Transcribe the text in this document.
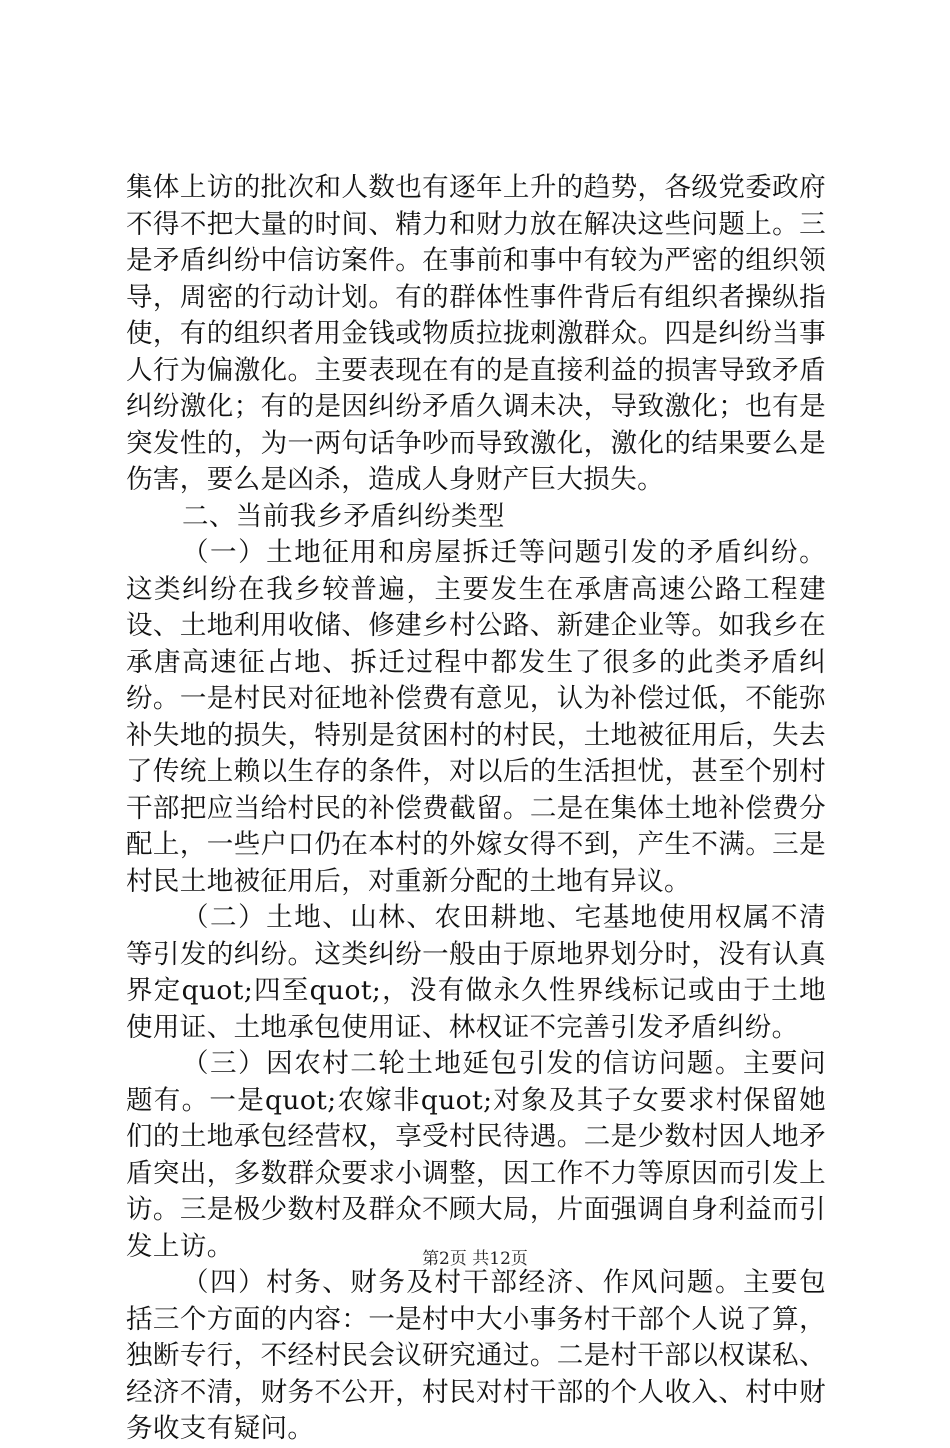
集体上访的批次和人数也有逐年上升的趋势，各级党委政府不得不把大量的时间、精力和财力放在解决这些问题上。三是矛盾纠纷中信访案件。在事前和事中有较为严密的组织领导，周密的行动计划。有的群体性事件背后有组织者操纵指使，有的组织者用金钱或物质拉拢刺激群众。四是纠纷当事人行为偏激化。主要表现在有的是直接利益的损害导致矛盾纠纷激化；有的是因纠纷矛盾久调未决，导致激化；也有是突发性的，为一两句话争吵而导致激化，激化的结果要么是伤害，要么是凶杀，造成人身财产巨大损失。

二、当前我乡矛盾纠纷类型

（一）土地征用和房屋拆迁等问题引发的矛盾纠纷。这类纠纷在我乡较普遍，主要发生在承唐高速公路工程建设、土地利用收储、修建乡村公路、新建企业等。如我乡在承唐高速征占地、拆迁过程中都发生了很多的此类矛盾纠纷。一是村民对征地补偿费有意见，认为补偿过低，不能弥补失地的损失，特别是贫困村的村民，土地被征用后，失去了传统上赖以生存的条件，对以后的生活担忧，甚至个别村干部把应当给村民的补偿费截留。二是在集体土地补偿费分配上，一些户口仍在本村的外嫁女得不到，产生不满。三是村民土地被征用后，对重新分配的土地有异议。

（二）土地、山林、农田耕地、宅基地使用权属不清等引发的纠纷。这类纠纷一般由于原地界划分时，没有认真界定quot;四至quot;，没有做永久性界线标记或由于土地使用证、土地承包使用证、林权证不完善引发矛盾纠纷。

（三）因农村二轮土地延包引发的信访问题。主要问题有。一是quot;农嫁非quot;对象及其子女要求村保留她们的土地承包经营权，享受村民待遇。二是少数村因人地矛盾突出，多数群众要求小调整，因工作不力等原因而引发上访。三是极少数村及群众不顾大局，片面强调自身利益而引发上访。

（四）村务、财务及村干部经济、作风问题。主要包括三个方面的内容：一是村中大小事务村干部个人说了算，独断专行，不经村民会议研究通过。二是村干部以权谋私、经济不清，财务不公开，村民对村干部的个人收入、村中财务收支有疑问。

第2页 共12页
